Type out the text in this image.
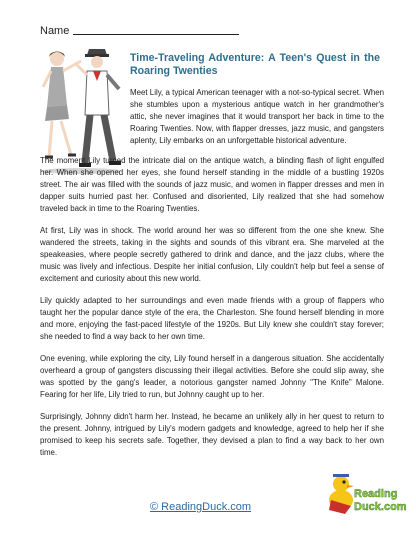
Name
Time-Traveling Adventure: A Teen's Quest in the Roaring Twenties
Meet Lily, a typical American teenager with a not-so-typical secret. When she stumbles upon a mysterious antique watch in her grandmother's attic, she never imagines that it would transport her back in time to the Roaring Twenties. Now, with flapper dresses, jazz music, and gangsters aplenty, Lily embarks on an unforgettable historical adventure.

The moment Lily turned the intricate dial on the antique watch, a blinding flash of light engulfed her. When she opened her eyes, she found herself standing in the middle of a bustling 1920s street. The air was filled with the sounds of jazz music, and women in flapper dresses and men in dapper suits hurried past her. Confused and disoriented, Lily realized that she had somehow traveled back in time to the Roaring Twenties.

At first, Lily was in shock. The world around her was so different from the one she knew. She wandered the streets, taking in the sights and sounds of this vibrant era. She marveled at the speakeasies, where people secretly gathered to drink and dance, and the jazz clubs, where the music was lively and infectious. Despite her initial confusion, Lily couldn't help but feel a sense of excitement and curiosity about this new world.

Lily quickly adapted to her surroundings and even made friends with a group of flappers who taught her the popular dance style of the era, the Charleston. She found herself blending in more and more, enjoying the fast-paced lifestyle of the 1920s. But Lily knew she couldn't stay forever; she needed to find a way back to her own time.

One evening, while exploring the city, Lily found herself in a dangerous situation. She accidentally overheard a group of gangsters discussing their illegal activities. Before she could slip away, she was spotted by the gang's leader, a notorious gangster named Johnny "The Knife" Malone. Fearing for her life, Lily tried to run, but Johnny caught up to her.

Surprisingly, Johnny didn't harm her. Instead, he became an unlikely ally in her quest to return to the present. Johnny, intrigued by Lily's modern gadgets and knowledge, agreed to help her if she promised to keep his secrets safe. Together, they devised a plan to find a way back to her own time.

© ReadingDuck.com
Reading
Duck.com
